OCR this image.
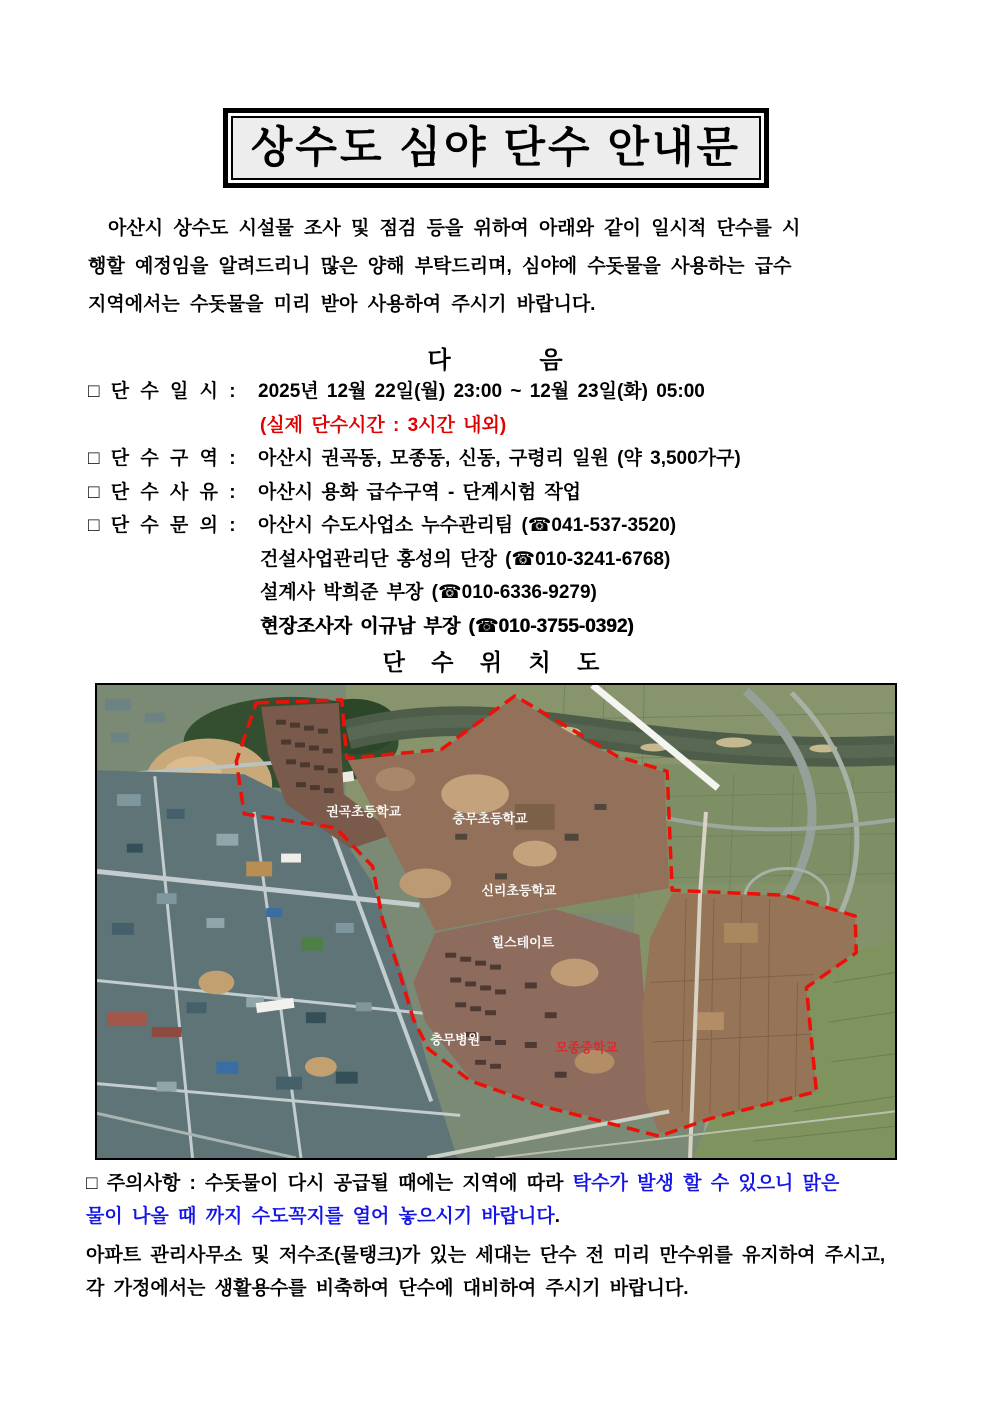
상수도 심야 단수 안내문
아산시 상수도 시설물 조사 및 점검 등을 위하여 아래와 같이 일시적 단수를 시
행할 예정임을 알려드리니 많은 양해 부탁드리며, 심야에 수돗물을 사용하는 급수
지역에서는 수돗물을 미리 받아 사용하여 주시기 바랍니다.
다          음
□ 단 수 일 시 : 2025년 12월 22일(월) 23:00 ~ 12월 23일(화) 05:00
(실제 단수시간 : 3시간 내외)
□ 단 수 구 역 : 아산시 권곡동, 모종동, 신동, 구령리 일원 (약 3,500가구)
□ 단 수 사 유 : 아산시 용화 급수구역 - 단계시험 작업
□ 단 수 문 의 : 아산시 수도사업소 누수관리팀 (☎041-537-3520)
건설사업관리단 홍성의 단장 (☎010-3241-6768)
설계사 박희준 부장 (☎010-6336-9279)
현장조사자 이규남 부장 (☎010-3755-0392)
단 수 위 치 도
권곡초등학교	충무초등학교
신리초등학교
힐스테이트
충무병원
모종중학교
□ 주의사항 : 수돗물이 다시 공급될 때에는 지역에 따라 탁수가 발생 할 수 있으니 맑은
물이 나올 때 까지 수도꼭지를 열어 놓으시기 바랍니다.
아파트 관리사무소 및 저수조(물탱크)가 있는 세대는 단수 전 미리 만수위를 유지하여 주시고,
각 가정에서는 생활용수를 비축하여 단수에 대비하여 주시기 바랍니다.
